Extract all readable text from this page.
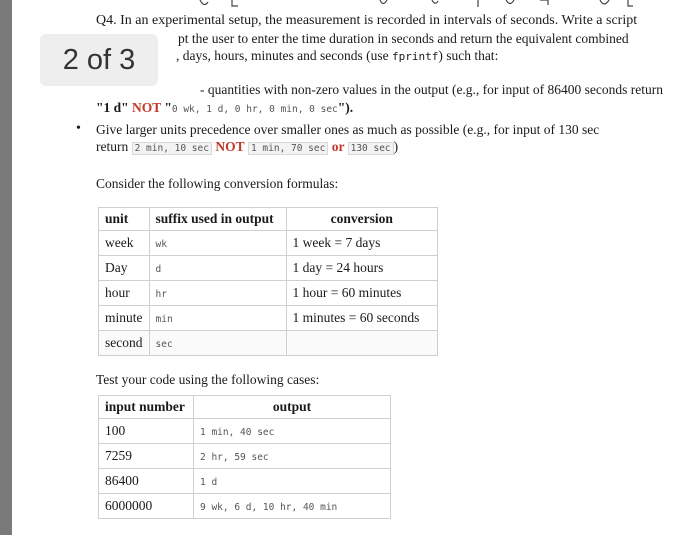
Q4. In an experimental setup, the measurement is recorded in intervals of seconds. Write a script
pt the user to enter the time duration in seconds and return the equivalent combined
, days, hours, minutes and seconds (use fprintf) such that:
2 of 3
- quantities with non-zero values in the output (e.g., for input of 86400 seconds return
"1 d" NOT "0 wk, 1 d, 0 hr, 0 min, 0 sec").
• Give larger units precedence over smaller ones as much as possible (e.g., for input of 130 sec
return 2 min, 10 sec NOT 1 min, 70 sec or 130 sec )
Consider the following conversion formulas:
unit	suffix used in output	conversion
week	wk	1 week = 7 days
Day	d	1 day = 24 hours
hour	hr	1 hour = 60 minutes
minute	min	1 minutes = 60 seconds
second	sec	
Test your code using the following cases:
input number	output
100	1 min, 40 sec
7259	2 hr, 59 sec
86400	1 d
6000000	9 wk, 6 d, 10 hr, 40 min
